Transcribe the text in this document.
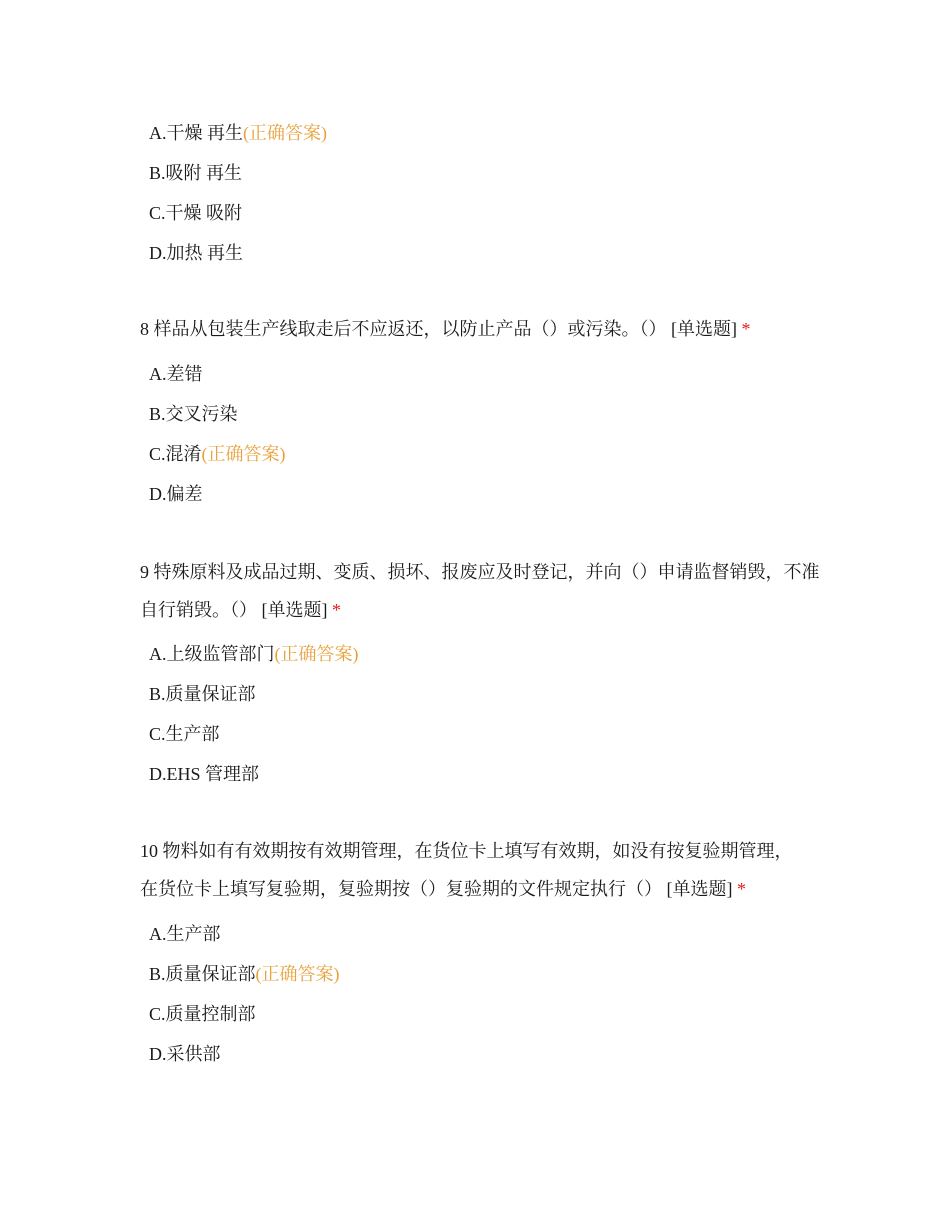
A.干燥 再生(正确答案)
B.吸附 再生
C.干燥 吸附
D.加热 再生
8 样品从包装生产线取走后不应返还，以防止产品（）或污染。（） [单选题] *
A.差错
B.交叉污染
C.混淆(正确答案)
D.偏差
9 特殊原料及成品过期、变质、损坏、报废应及时登记，并向（）申请监督销毁，不准自行销毁。（） [单选题] *
A.上级监管部门(正确答案)
B.质量保证部
C.生产部
D.EHS 管理部
10 物料如有有效期按有效期管理，在货位卡上填写有效期，如没有按复验期管理，在货位卡上填写复验期，复验期按（）复验期的文件规定执行（） [单选题] *
A.生产部
B.质量保证部(正确答案)
C.质量控制部
D.采供部
